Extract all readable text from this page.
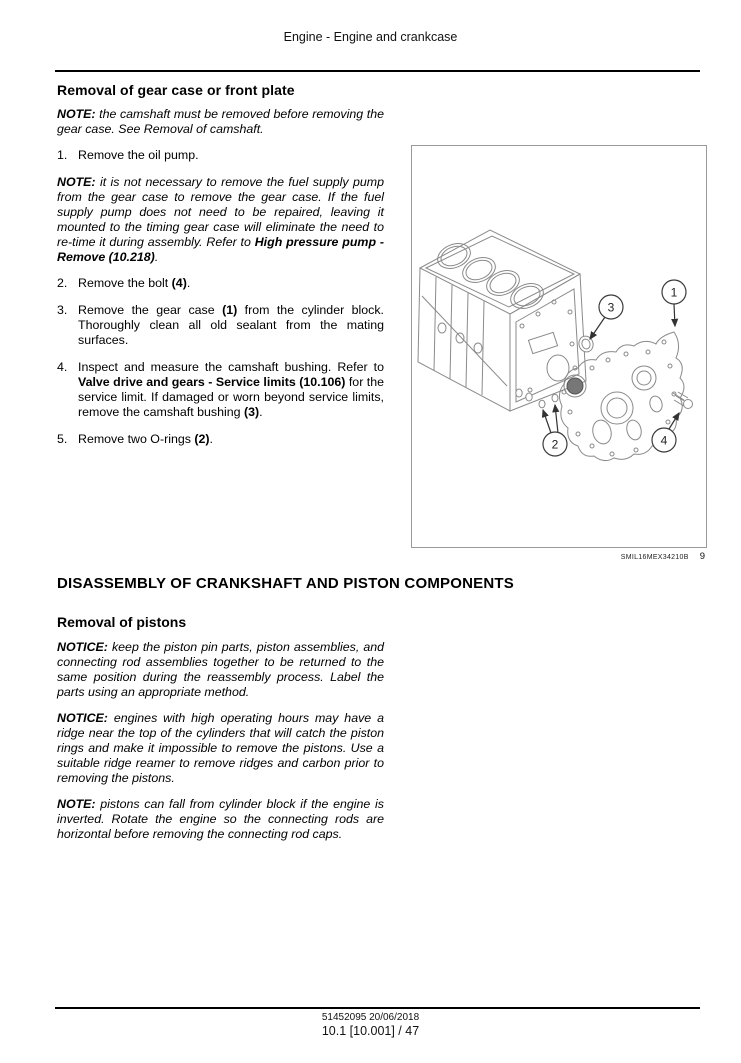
Engine - Engine and crankcase
Removal of gear case or front plate

NOTE: the camshaft must be removed before removing the gear case. See Removal of camshaft.

1. Remove the oil pump.

NOTE: it is not necessary to remove the fuel supply pump from the gear case to remove the gear case. If the fuel supply pump does not need to be repaired, leaving it mounted to the timing gear case will eliminate the need to re-time it during assembly. Refer to High pressure pump - Remove (10.218).

2. Remove the bolt (4).
3. Remove the gear case (1) from the cylinder block. Thoroughly clean all old sealant from the mating surfaces.
4. Inspect and measure the camshaft bushing. Refer to Valve drive and gears - Service limits (10.106) for the service limit. If damaged or worn beyond service limits, remove the camshaft bushing (3).
5. Remove two O-rings (2).
1
3
2	4
SMIL16MEX34210B 9
DISASSEMBLY OF CRANKSHAFT AND PISTON COMPONENTS
Removal of pistons

NOTICE: keep the piston pin parts, piston assemblies, and connecting rod assemblies together to be returned to the same position during the reassembly process. Label the parts using an appropriate method.

NOTICE: engines with high operating hours may have a ridge near the top of the cylinders that will catch the piston rings and make it impossible to remove the pistons. Use a suitable ridge reamer to remove ridges and carbon prior to removing the pistons.

NOTE: pistons can fall from cylinder block if the engine is inverted. Rotate the engine so the connecting rods are horizontal before removing the connecting rod caps.

51452095 20/06/2018
10.1 [10.001] / 47
